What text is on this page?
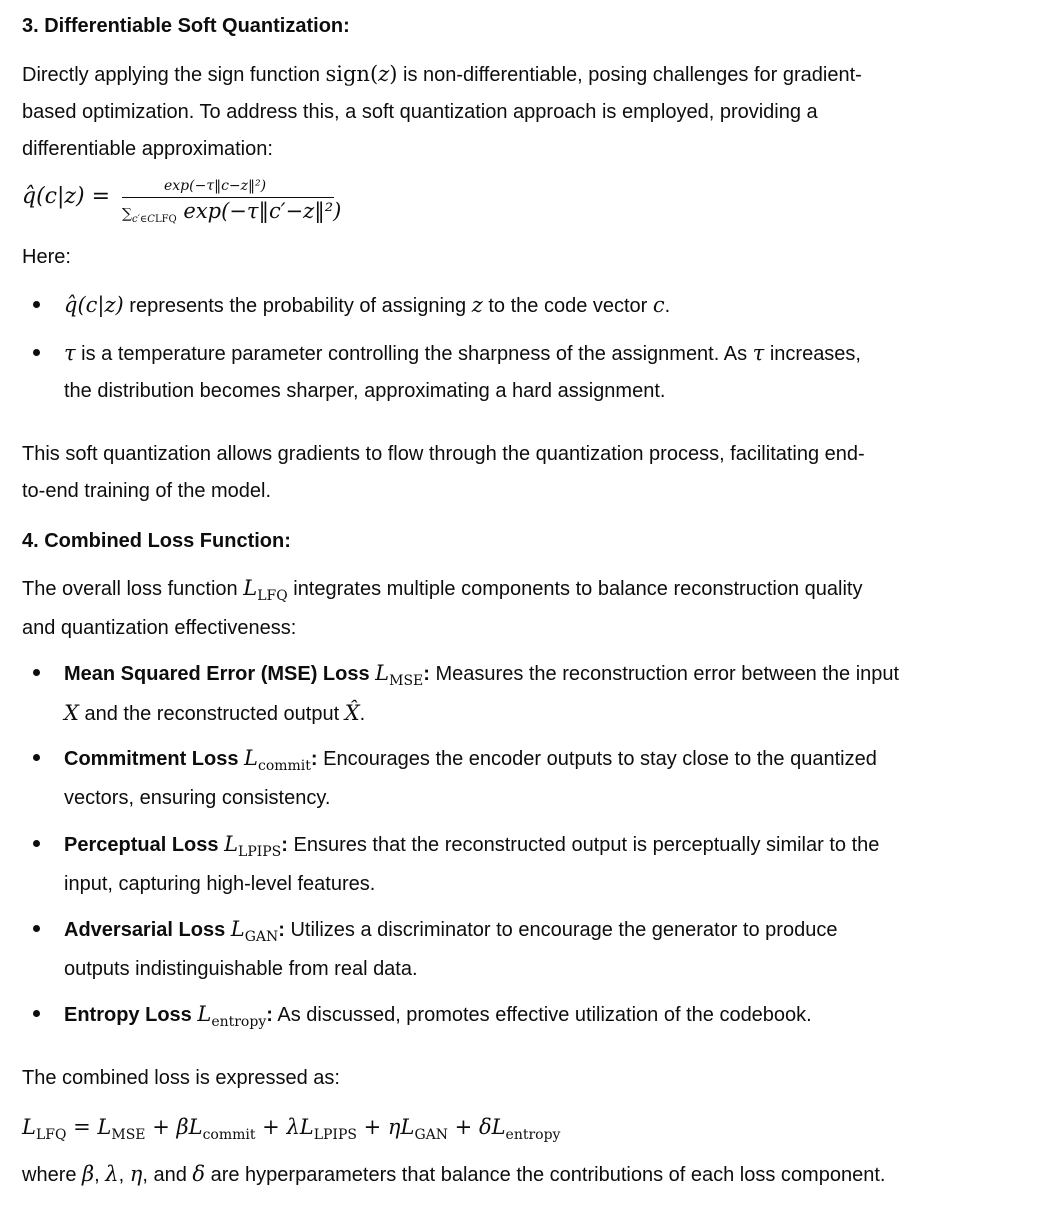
3. Differentiable Soft Quantization:
Directly applying the sign function sign(z) is non-differentiable, posing challenges for gradient-
based optimization. To address this, a soft quantization approach is employed, providing a
differentiable approximation:
q̂(c|z) =	exp(−τ‖c−z‖²)
$\sum_{c'\in CLFQ}$ exp(−τ‖c′−z‖²)
Here:
q̂(c|z) represents the probability of assigning z to the code vector c.
τ is a temperature parameter controlling the sharpness of the assignment. As τ increases,
the distribution becomes sharper, approximating a hard assignment.
This soft quantization allows gradients to flow through the quantization process, facilitating end-
to-end training of the model.
4. Combined Loss Function:
The overall loss function $L_{LFQ}$ integrates multiple components to balance reconstruction quality
and quantization effectiveness:
Mean Squared Error (MSE) Loss $L_{MSE}$: Measures the reconstruction error between the input
X and the reconstructed output X̂.
Commitment Loss $L_{commit}$: Encourages the encoder outputs to stay close to the quantized
vectors, ensuring consistency.
Perceptual Loss $L_{LPIPS}$: Ensures that the reconstructed output is perceptually similar to the
input, capturing high-level features.
Adversarial Loss $L_{GAN}$: Utilizes a discriminator to encourage the generator to produce
outputs indistinguishable from real data.
Entropy Loss $L_{entropy}$: As discussed, promotes effective utilization of the codebook.
The combined loss is expressed as:
$L_{LFQ} = L_{MSE} + \beta L_{commit} + \lambda L_{LPIPS} + \eta L_{GAN} + \delta L_{entropy}$
where β, λ, η, and δ are hyperparameters that balance the contributions of each loss component.
